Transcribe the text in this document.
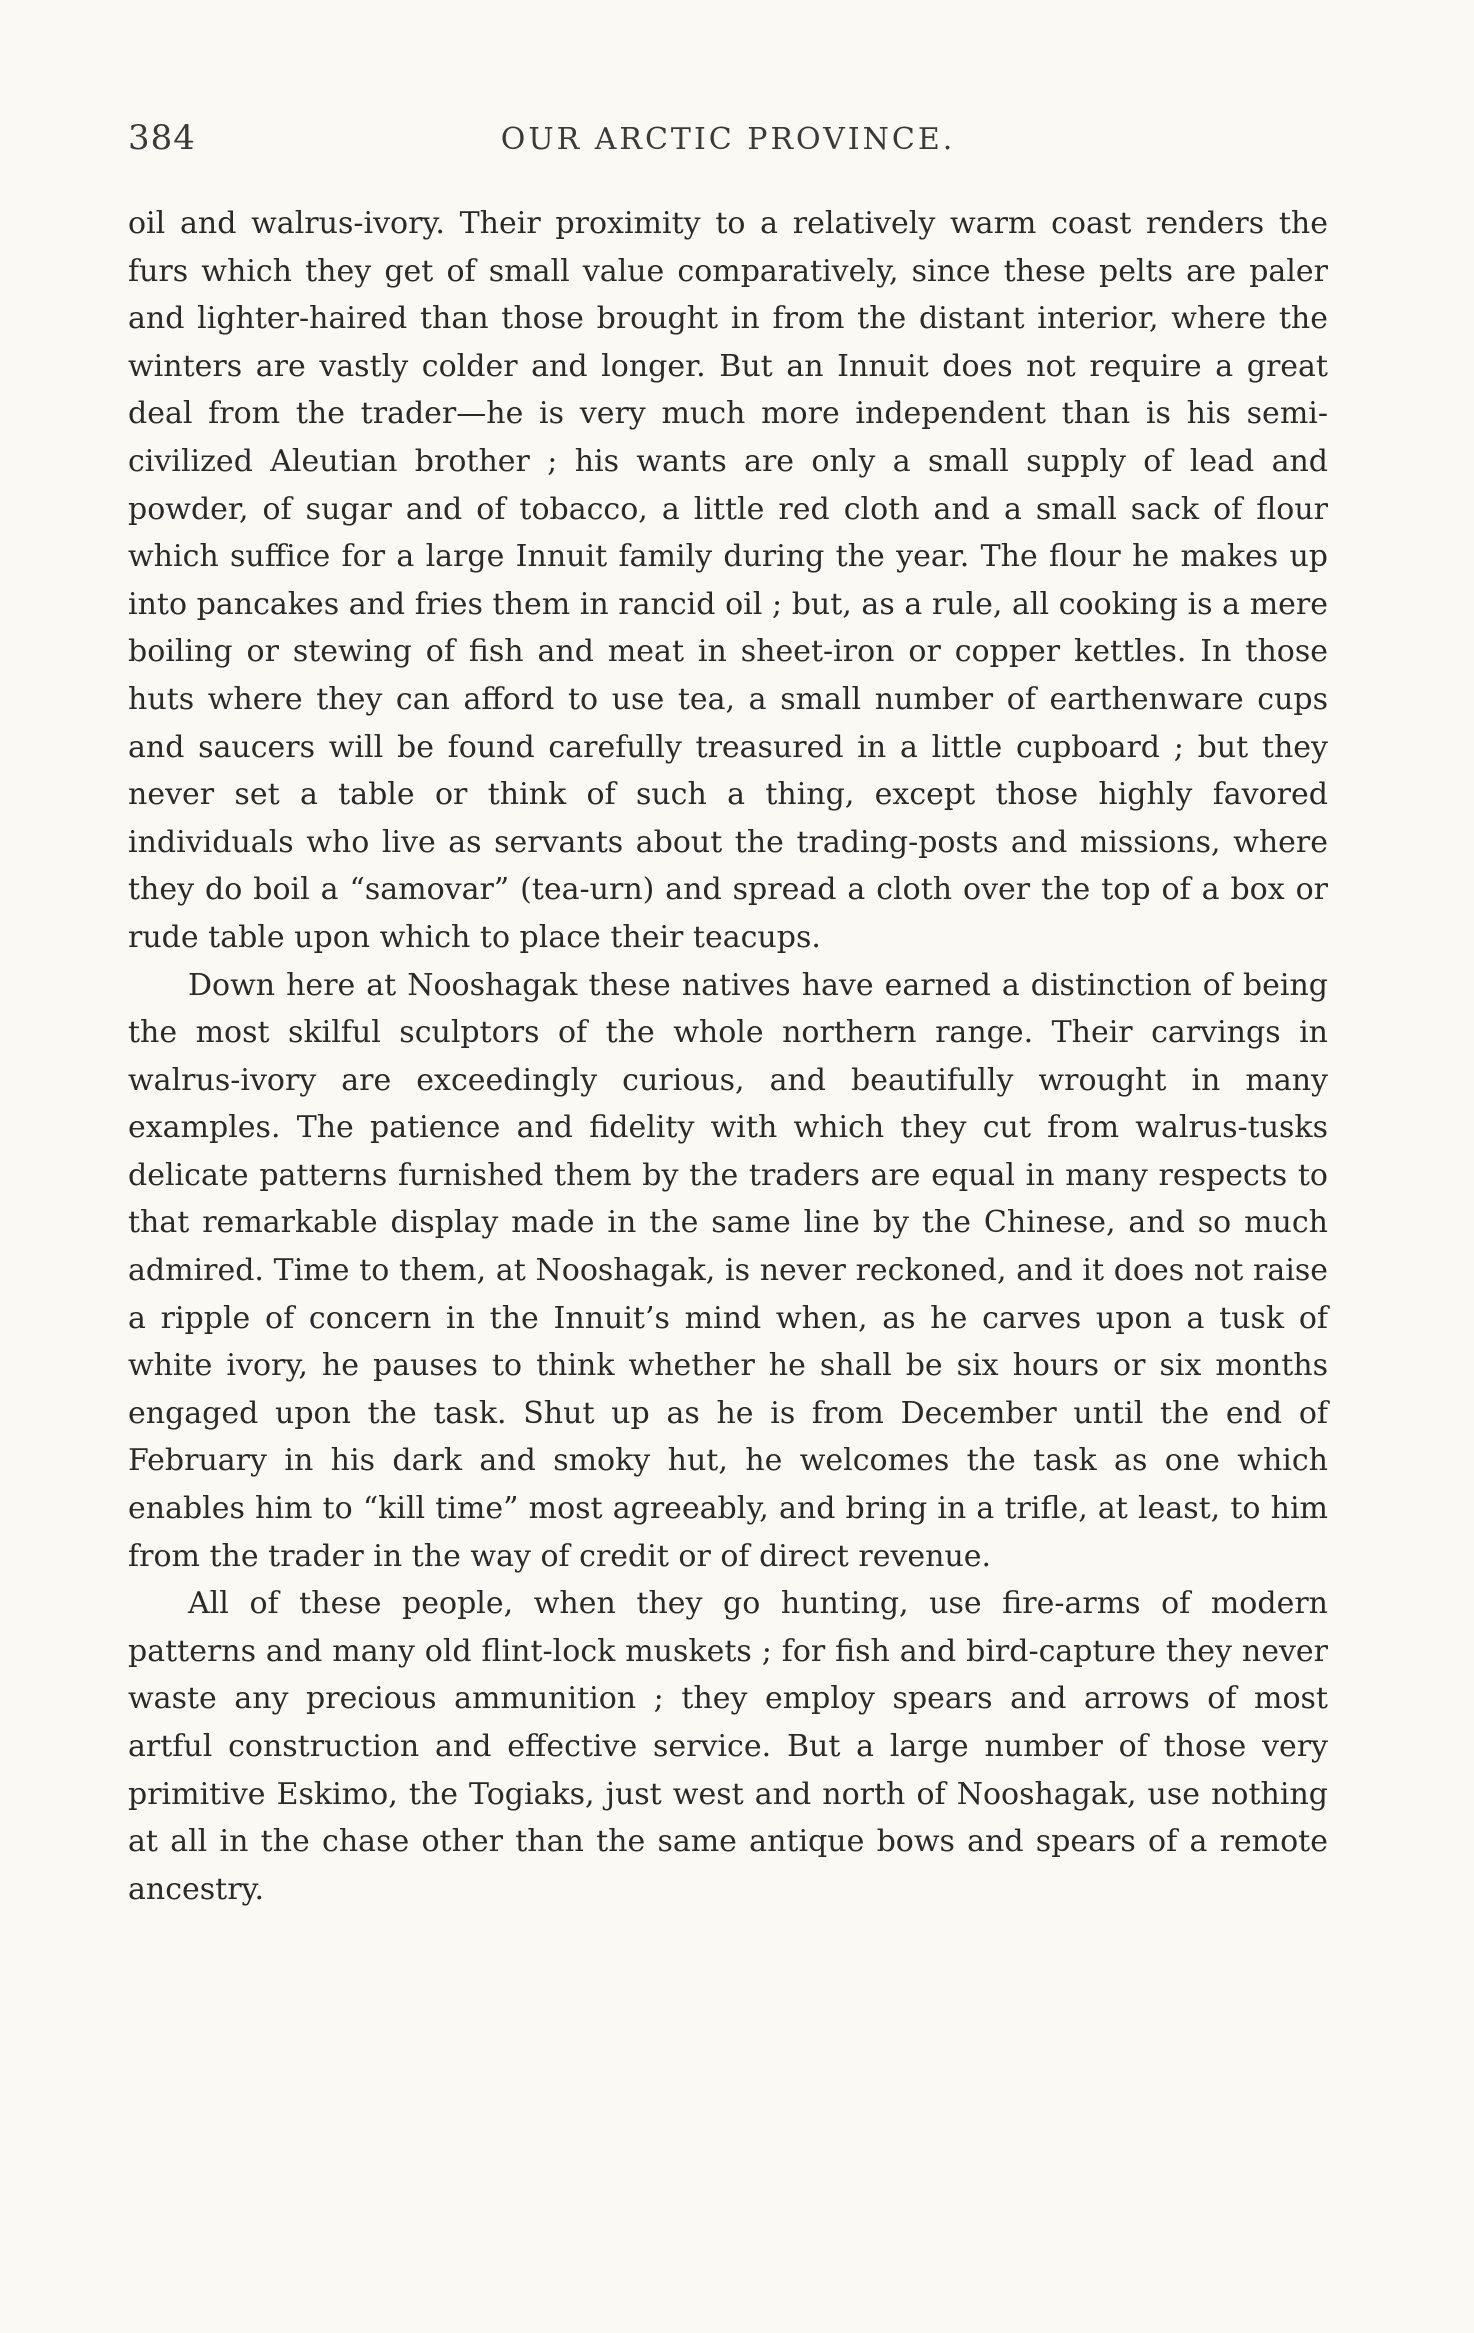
384	OUR ARCTIC PROVINCE.

oil and walrus-ivory. Their proximity to a relatively warm coast renders the furs which they get of small value comparatively, since these pelts are paler and lighter-haired than those brought in from the distant interior, where the winters are vastly colder and longer. But an Innuit does not require a great deal from the trader—he is very much more independent than is his semi-civilized Aleutian brother ; his wants are only a small supply of lead and powder, of sugar and of tobacco, a little red cloth and a small sack of flour which suffice for a large Innuit family during the year. The flour he makes up into pancakes and fries them in rancid oil ; but, as a rule, all cooking is a mere boiling or stewing of fish and meat in sheet-iron or copper kettles. In those huts where they can afford to use tea, a small number of earthenware cups and saucers will be found carefully treasured in a little cupboard ; but they never set a table or think of such a thing, except those highly favored individuals who live as servants about the trading-posts and missions, where they do boil a “samovar” (tea-urn) and spread a cloth over the top of a box or rude table upon which to place their teacups.

Down here at Nooshagak these natives have earned a distinction of being the most skilful sculptors of the whole northern range. Their carvings in walrus-ivory are exceedingly curious, and beautifully wrought in many examples. The patience and fidelity with which they cut from walrus-tusks delicate patterns furnished them by the traders are equal in many respects to that remarkable display made in the same line by the Chinese, and so much admired. Time to them, at Nooshagak, is never reckoned, and it does not raise a ripple of concern in the Innuit’s mind when, as he carves upon a tusk of white ivory, he pauses to think whether he shall be six hours or six months engaged upon the task. Shut up as he is from December until the end of February in his dark and smoky hut, he welcomes the task as one which enables him to “kill time” most agreeably, and bring in a trifle, at least, to him from the trader in the way of credit or of direct revenue.

All of these people, when they go hunting, use fire-arms of modern patterns and many old flint-lock muskets ; for fish and bird-capture they never waste any precious ammunition ; they employ spears and arrows of most artful construction and effective service. But a large number of those very primitive Eskimo, the Togiaks, just west and north of Nooshagak, use nothing at all in the chase other than the same antique bows and spears of a remote ancestry.
